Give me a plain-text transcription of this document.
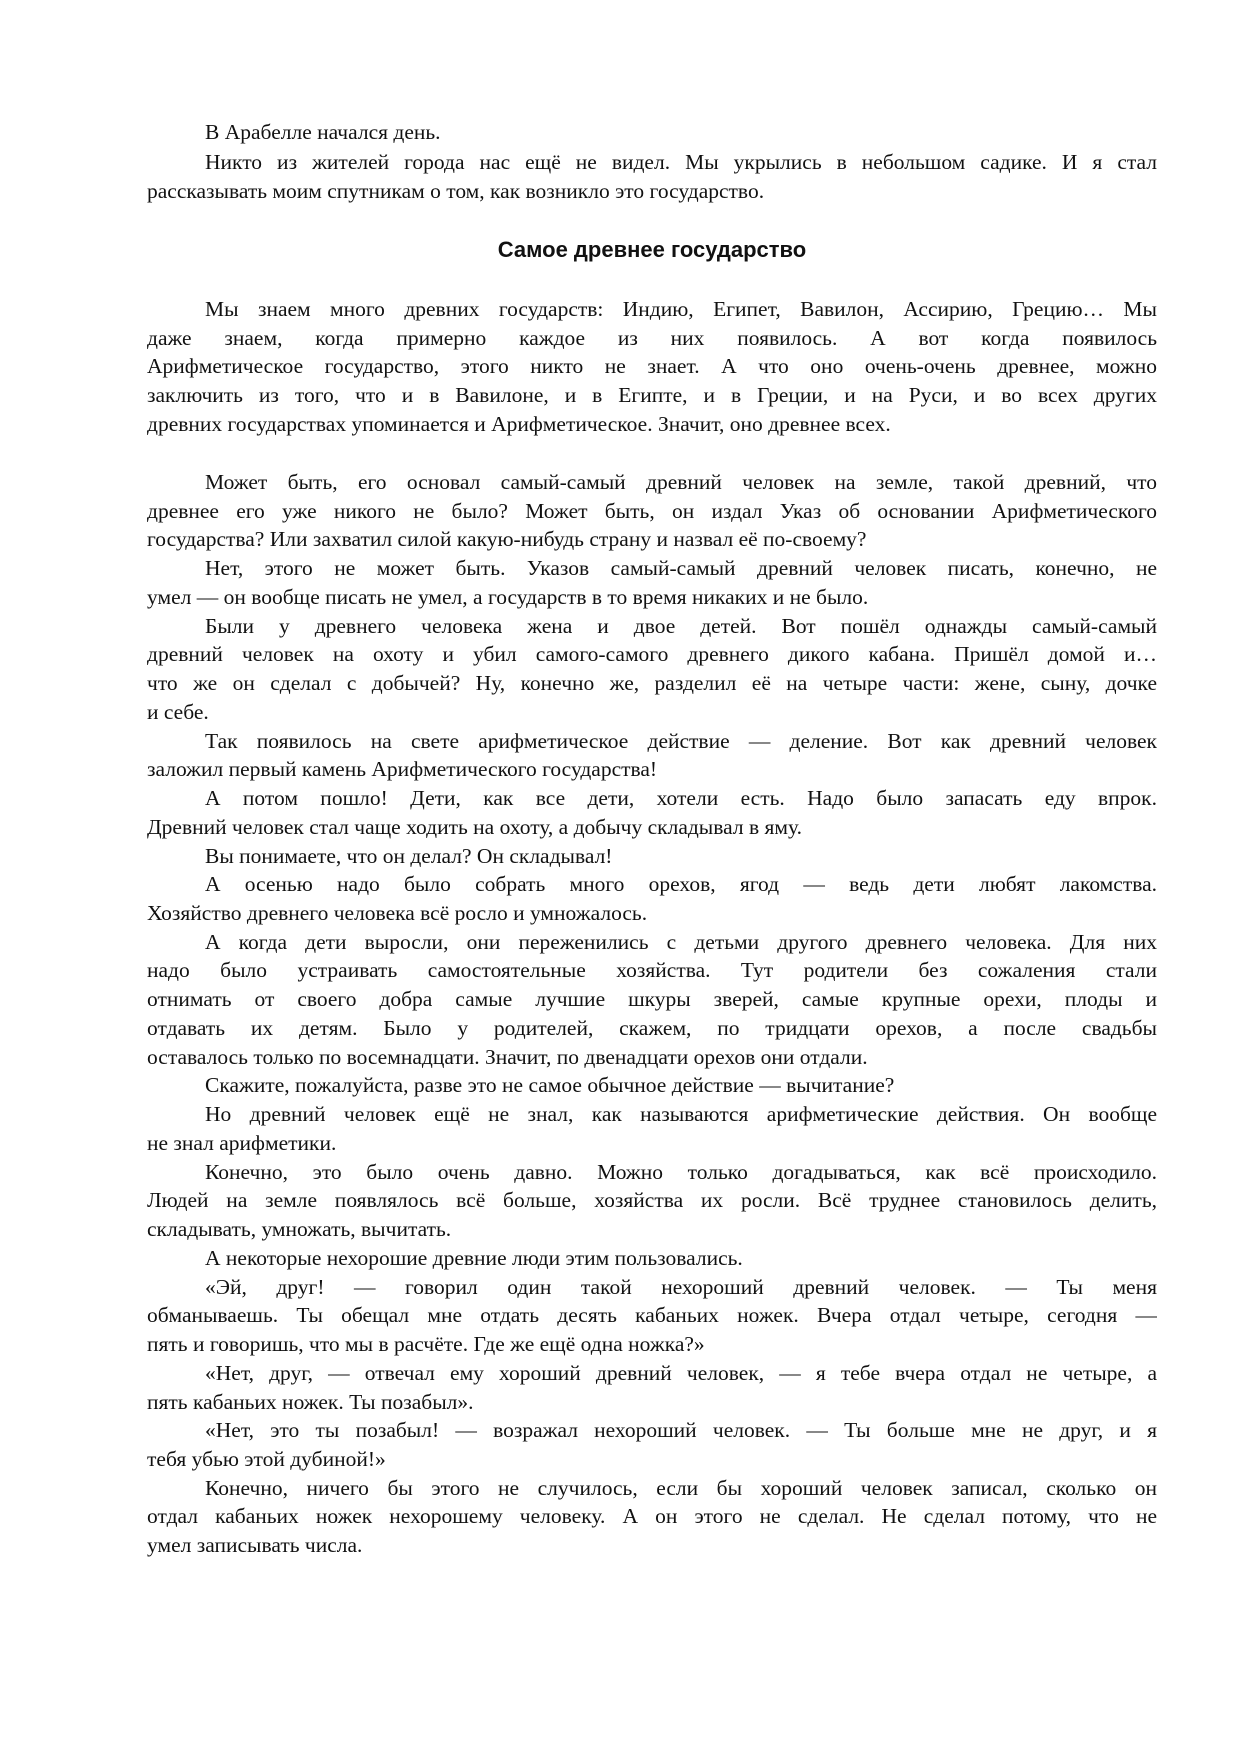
В Арабелле начался день.
Никто из жителей города нас ещё не видел. Мы укрылись в небольшом садике. И я стал
рассказывать моим спутникам о том, как возникло это государство.
Самое древнее государство
Мы знаем много древних государств: Индию, Египет, Вавилон, Ассирию, Грецию… Мы
даже знаем, когда примерно каждое из них появилось. А вот когда появилось
Арифметическое государство, этого никто не знает. А что оно очень-очень древнее, можно
заключить из того, что и в Вавилоне, и в Египте, и в Греции, и на Руси, и во всех других
древних государствах упоминается и Арифметическое. Значит, оно древнее всех.
Может быть, его основал самый-самый древний человек на земле, такой древний, что
древнее его уже никого не было? Может быть, он издал Указ об основании Арифметического
государства? Или захватил силой какую-нибудь страну и назвал её по-своему?
Нет, этого не может быть. Указов самый-самый древний человек писать, конечно, не
умел — он вообще писать не умел, а государств в то время никаких и не было.
Были у древнего человека жена и двое детей. Вот пошёл однажды самый-самый
древний человек на охоту и убил самого-самого древнего дикого кабана. Пришёл домой и…
что же он сделал с добычей? Ну, конечно же, разделил её на четыре части: жене, сыну, дочке
и себе.
Так появилось на свете арифметическое действие — деление. Вот как древний человек
заложил первый камень Арифметического государства!
А потом пошло! Дети, как все дети, хотели есть. Надо было запасать еду впрок.
Древний человек стал чаще ходить на охоту, а добычу складывал в яму.
Вы понимаете, что он делал? Он складывал!
А осенью надо было собрать много орехов, ягод — ведь дети любят лакомства.
Хозяйство древнего человека всё росло и умножалось.
А когда дети выросли, они переженились с детьми другого древнего человека. Для них
надо было устраивать самостоятельные хозяйства. Тут родители без сожаления стали
отнимать от своего добра самые лучшие шкуры зверей, самые крупные орехи, плоды и
отдавать их детям. Было у родителей, скажем, по тридцати орехов, а после свадьбы
оставалось только по восемнадцати. Значит, по двенадцати орехов они отдали.
Скажите, пожалуйста, разве это не самое обычное действие — вычитание?
Но древний человек ещё не знал, как называются арифметические действия. Он вообще
не знал арифметики.
Конечно, это было очень давно. Можно только догадываться, как всё происходило.
Людей на земле появлялось всё больше, хозяйства их росли. Всё труднее становилось делить,
складывать, умножать, вычитать.
А некоторые нехорошие древние люди этим пользовались.
«Эй, друг! — говорил один такой нехороший древний человек. — Ты меня
обманываешь. Ты обещал мне отдать десять кабаньих ножек. Вчера отдал четыре, сегодня —
пять и говоришь, что мы в расчёте. Где же ещё одна ножка?»
«Нет, друг, — отвечал ему хороший древний человек, — я тебе вчера отдал не четыре, а
пять кабаньих ножек. Ты позабыл».
«Нет, это ты позабыл! — возражал нехороший человек. — Ты больше мне не друг, и я
тебя убью этой дубиной!»
Конечно, ничего бы этого не случилось, если бы хороший человек записал, сколько он
отдал кабаньих ножек нехорошему человеку. А он этого не сделал. Не сделал потому, что не
умел записывать числа.
